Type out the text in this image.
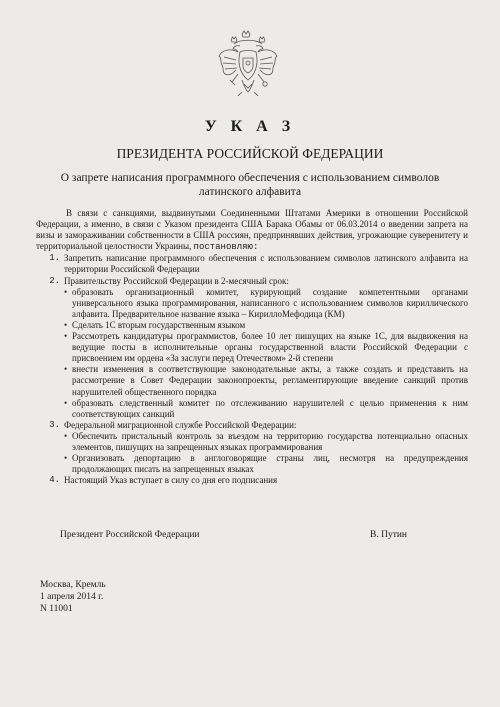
У К А З
ПРЕЗИДЕНТА РОССИЙСКОЙ ФЕДЕРАЦИИ
О запрете написания программного обеспечения с использованием символов латинского алфавита

В связи с санкциями, выдвинутыми Соединенными Штатами Америки в отношении Российской Федерации, а именно, в связи с Указом президента США Барака Обамы от 06.03.2014 о введении запрета на визы и замораживании собственности в США россиян, предпринявших действия, угрожающие суверенитету и территориальной целостности Украины, постановляю:

1. Запретить написание программного обеспечения с использованием символов латинского алфавита на территории Российской Федерации
2. Правительству Российской Федерации в 2-месячный срок:
• образовать организационный комитет, курирующий создание компетентными органами универсального языка программирования, написанного с использованием символов кириллического алфавита. Предварительное название языка – КириллоМефодица (КМ)
• Сделать 1С вторым государственным языком
• Рассмотреть кандидатуры программистов, более 10 лет пишущих на языке 1С, для выдвижения на ведущие посты в исполнительные органы государственной власти Российской Федерации с присвоением им ордена «За заслуги перед Отечеством» 2-й степени
• внести изменения в соответствующие законодательные акты, а также создать и представить на рассмотрение в Совет Федерации законопроекты, регламентирующие введение санкций против нарушителей общественного порядка
• образовать следственный комитет по отслеживанию нарушителей с целью применения к ним соответствующих санкций
3. Федеральной миграционной службе Российской Федерации:
• Обеспечить пристальный контроль за въездом на территорию государства потенциально опасных элементов, пишущих на запрещенных языках программирования
• Организовать депортацию в англоговорящие страны лиц, несмотря на предупреждения продолжающих писать на запрещенных языках
4. Настоящий Указ вступает в силу со дня его подписания
Президент Российской Федерации	В. Путин
Москва, Кремль
1 апреля 2014 г.
N 11001
